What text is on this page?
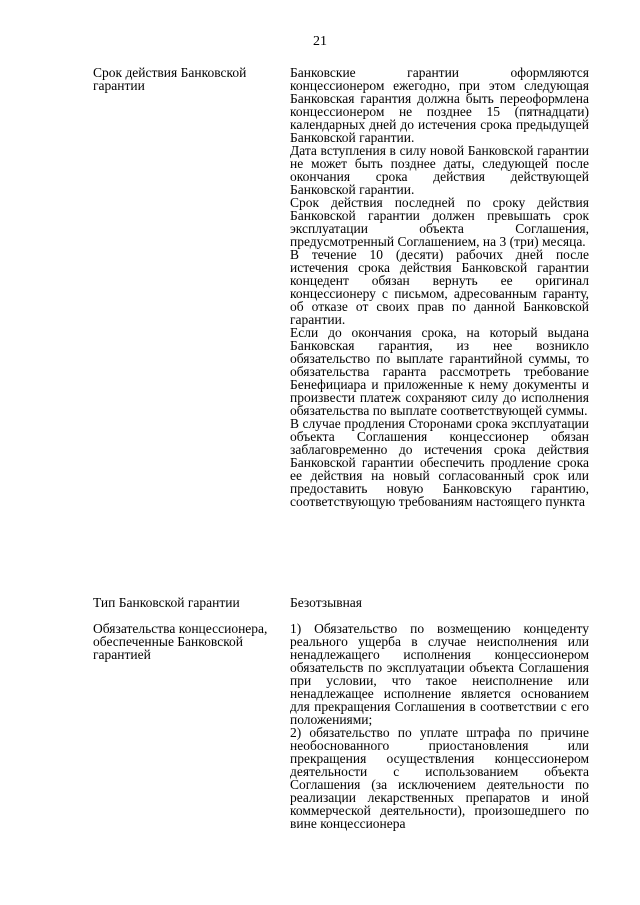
21
Срок действия Банковской гарантии

Банковские гарантии оформляются концессионером ежегодно, при этом следующая Банковская гарантия должна быть переоформлена концессионером не позднее 15 (пятнадцати) календарных дней до истечения срока предыдущей Банковской гарантии.

Дата вступления в силу новой Банковской гарантии не может быть позднее даты, следующей после окончания срока действия действующей Банковской гарантии.

Срок действия последней по сроку действия Банковской гарантии должен превышать срок эксплуатации объекта Соглашения, предусмотренный Соглашением, на 3 (три) месяца.

В течение 10 (десяти) рабочих дней после истечения срока действия Банковской гарантии концедент обязан вернуть ее оригинал концессионеру с письмом, адресованным гаранту, об отказе от своих прав по данной Банковской гарантии.

Если до окончания срока, на который выдана Банковская гарантия, из нее возникло обязательство по выплате гарантийной суммы, то обязательства гаранта рассмотреть требование Бенефициара и приложенные к нему документы и произвести платеж сохраняют силу до исполнения обязательства по выплате соответствующей суммы.

В случае продления Сторонами срока эксплуатации объекта Соглашения концессионер обязан заблаговременно до истечения срока действия Банковской гарантии обеспечить продление срока ее действия на новый согласованный срок или предоставить новую Банковскую гарантию, соответствующую требованиям настоящего пункта

Тип Банковской гарантии	Безотзывная

Обязательства концессионера, обеспеченные Банковской гарантией

1) Обязательство по возмещению концеденту реального ущерба в случае неисполнения или ненадлежащего исполнения концессионером обязательств по эксплуатации объекта Соглашения при условии, что такое неисполнение или ненадлежащее исполнение является основанием для прекращения Соглашения в соответствии с его положениями;

2) обязательство по уплате штрафа по причине необоснованного приостановления или прекращения осуществления концессионером деятельности с использованием объекта Соглашения (за исключением деятельности по реализации лекарственных препаратов и иной коммерческой деятельности), произошедшего по вине концессионера
